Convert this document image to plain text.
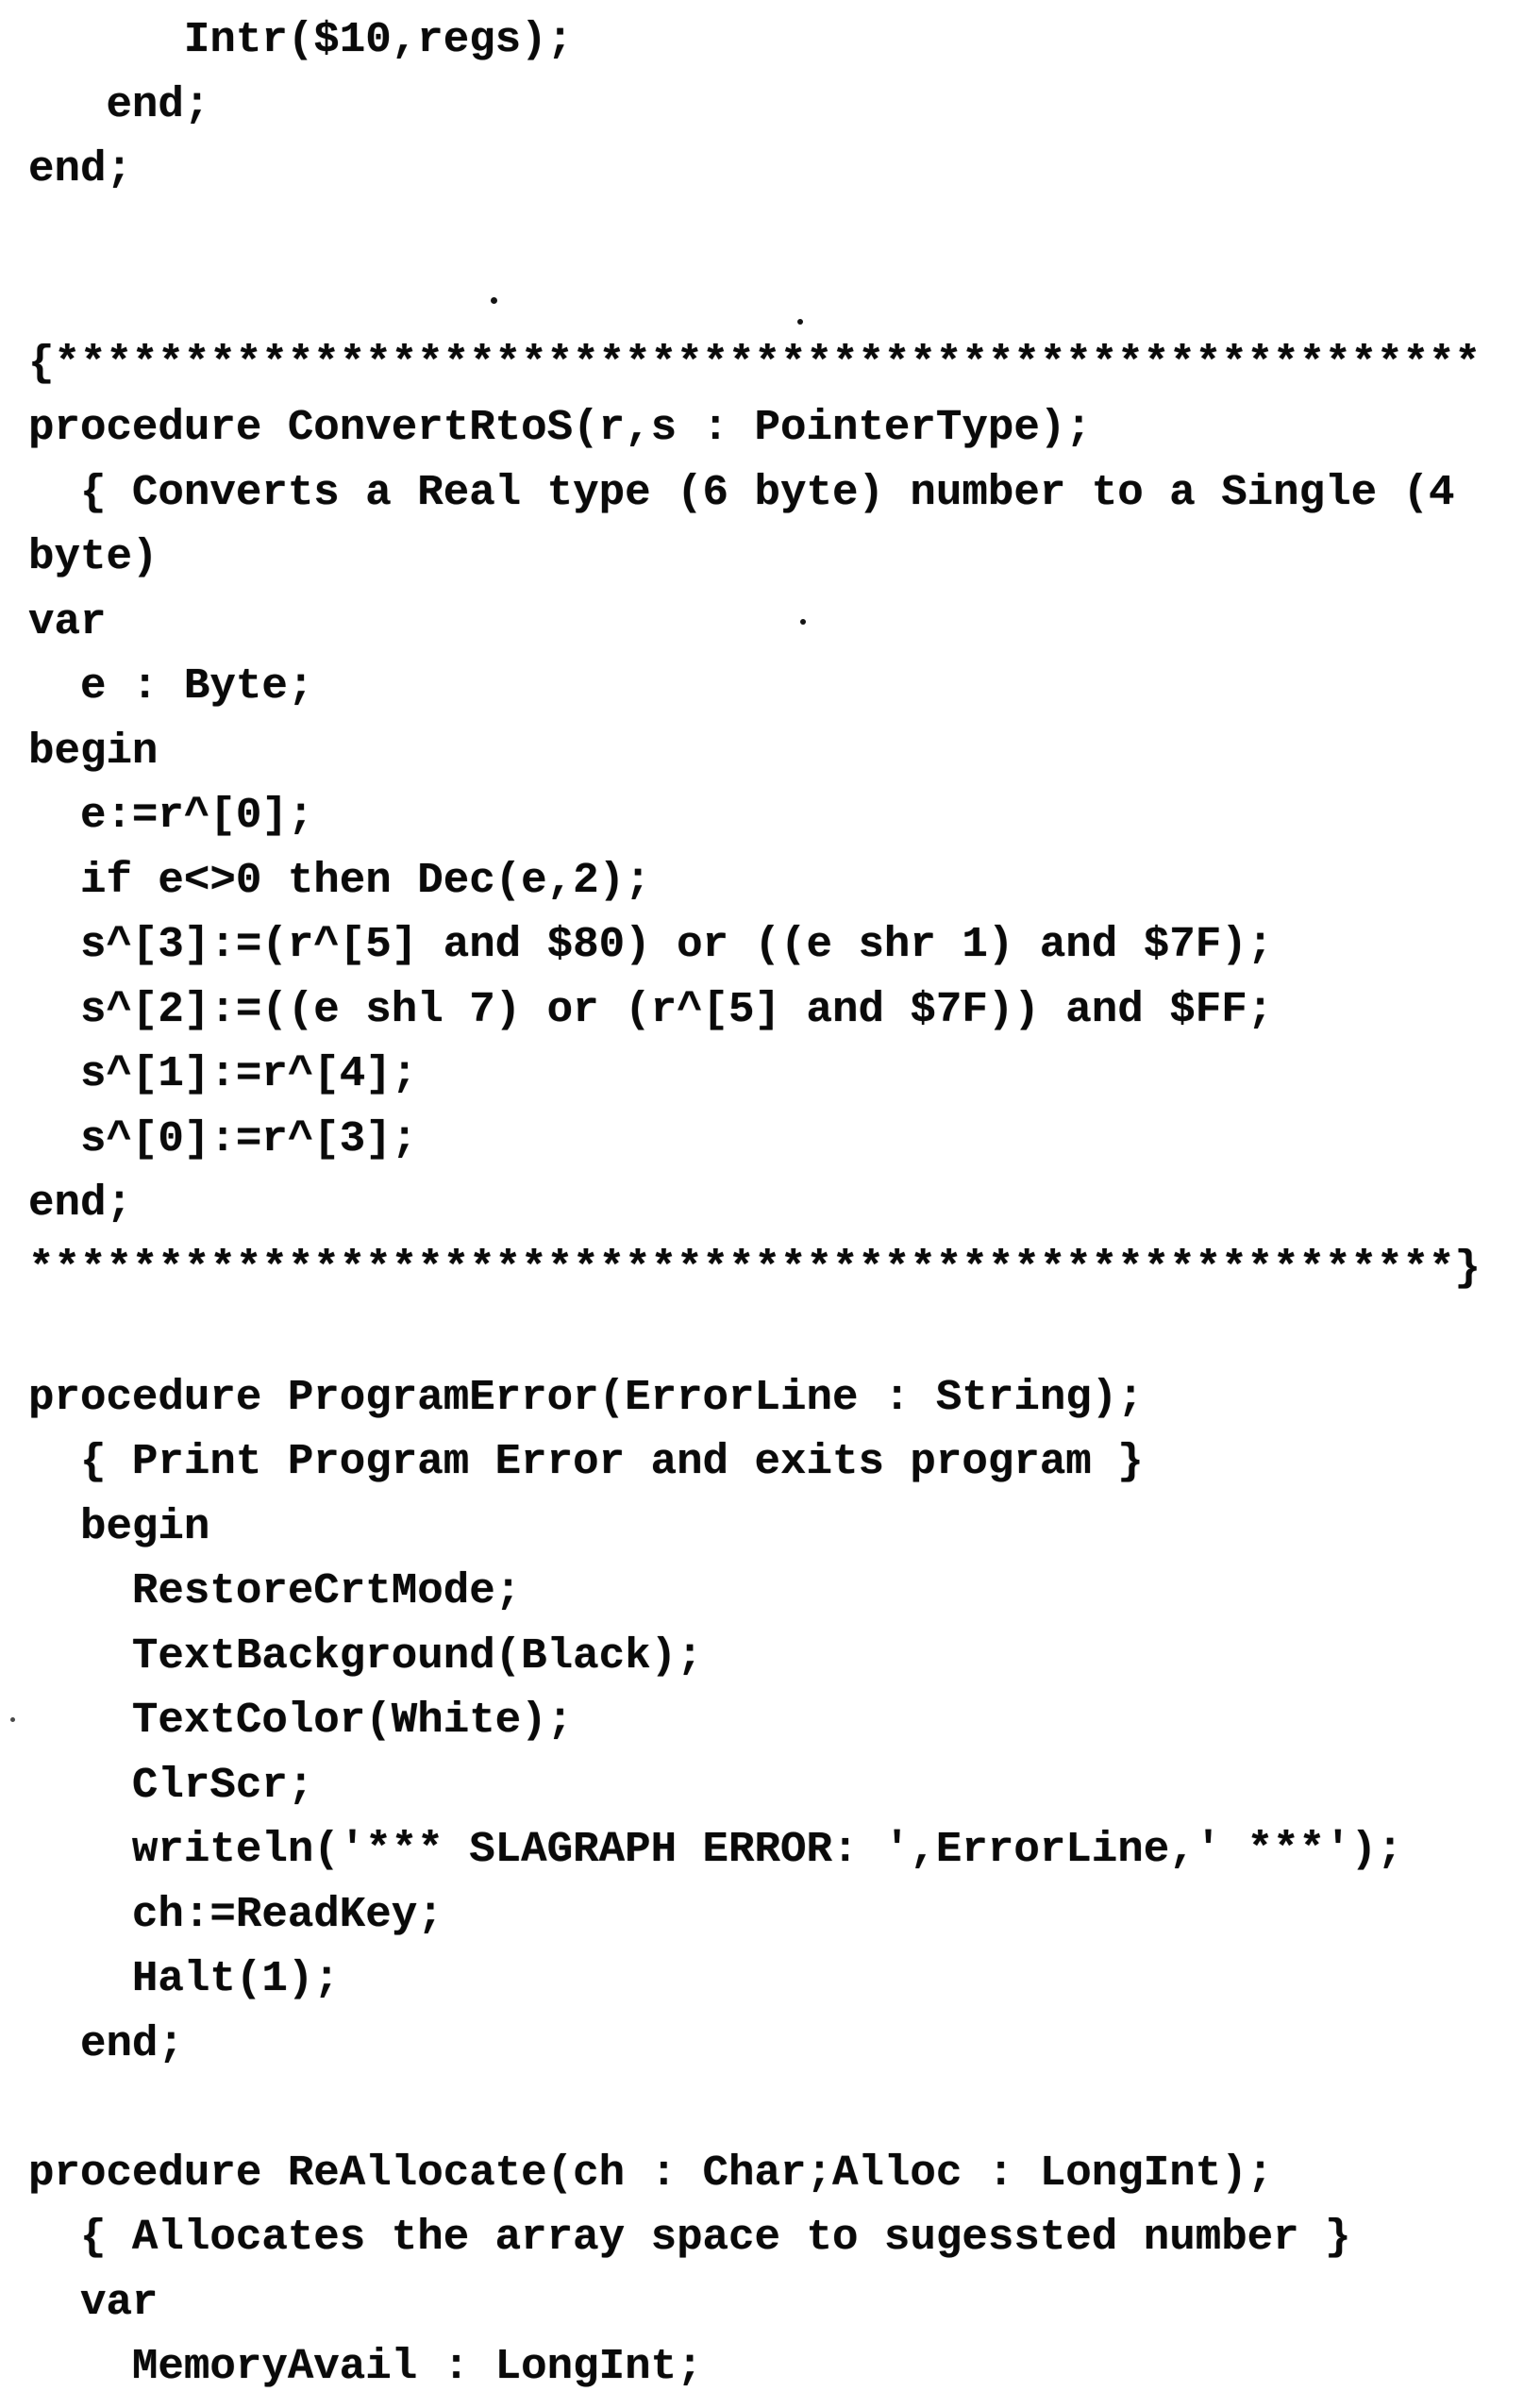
Intr($10,regs);
end;
end;
{*******************************************************
procedure ConvertRtoS(r,s : PointerType);
{ Converts a Real type (6 byte) number to a Single (4
byte)
var
e : Byte;
begin
e:=r^[0];
if e<>0 then Dec(e,2);
s^[3]:=(r^[5] and $80) or ((e shr 1) and $7F);
s^[2]:=((e shl 7) or (r^[5] and $7F)) and $FF;
s^[1]:=r^[4];
s^[0]:=r^[3];
end;
*******************************************************}
procedure ProgramError(ErrorLine : String);
{ Print Program Error and exits program }
begin
RestoreCrtMode;
TextBackground(Black);
TextColor(White);
ClrScr;
writeln('*** SLAGRAPH ERROR: ',ErrorLine,' ***');
ch:=ReadKey;
Halt(1);
end;
procedure ReAllocate(ch : Char;Alloc : LongInt);
{ Allocates the array space to sugessted number }
var
MemoryAvail : LongInt;
